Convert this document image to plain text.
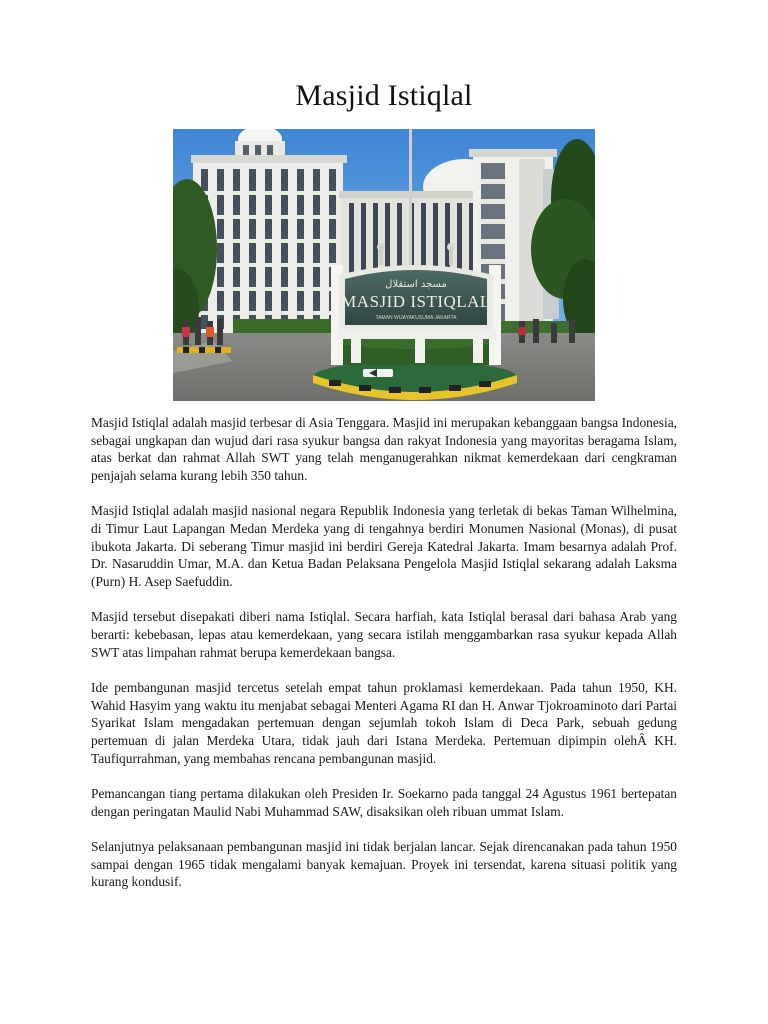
Masjid Istiqlal
مسجد استقلال
MASJID ISTIQLAL
TAMAN WIJAYAKUSUMA JAKARTA

Masjid Istiqlal adalah masjid terbesar di Asia Tenggara. Masjid ini merupakan kebanggaan bangsa Indonesia, sebagai ungkapan dan wujud dari rasa syukur bangsa dan rakyat Indonesia yang mayoritas beragama Islam, atas berkat dan rahmat Allah SWT yang telah menganugerahkan nikmat kemerdekaan dari cengkraman penjajah selama kurang lebih 350 tahun.

Masjid Istiqlal adalah masjid nasional negara Republik Indonesia yang terletak di bekas Taman Wilhelmina, di Timur Laut Lapangan Medan Merdeka yang di tengahnya berdiri Monumen Nasional (Monas), di pusat ibukota Jakarta. Di seberang Timur masjid ini berdiri Gereja Katedral Jakarta. Imam besarnya adalah Prof. Dr. Nasaruddin Umar, M.A. dan Ketua Badan Pelaksana Pengelola Masjid Istiqlal sekarang adalah Laksma (Purn) H. Asep Saefuddin.

Masjid tersebut disepakati diberi nama Istiqlal. Secara harfiah, kata Istiqlal berasal dari bahasa Arab yang berarti: kebebasan, lepas atau kemerdekaan, yang secara istilah menggambarkan rasa syukur kepada Allah SWT atas limpahan rahmat berupa kemerdekaan bangsa.

Ide pembangunan masjid tercetus setelah empat tahun proklamasi kemerdekaan. Pada tahun 1950, KH. Wahid Hasyim yang waktu itu menjabat sebagai Menteri Agama RI dan H. Anwar Tjokroaminoto dari Partai Syarikat Islam mengadakan pertemuan dengan sejumlah tokoh Islam di Deca Park, sebuah gedung pertemuan di jalan Merdeka Utara, tidak jauh dari Istana Merdeka. Pertemuan dipimpin olehÂ KH. Taufiqurrahman, yang membahas rencana pembangunan masjid.

Pemancangan tiang pertama dilakukan oleh Presiden Ir. Soekarno pada tanggal 24 Agustus 1961 bertepatan dengan peringatan Maulid Nabi Muhammad SAW, disaksikan oleh ribuan ummat Islam.

Selanjutnya pelaksanaan pembangunan masjid ini tidak berjalan lancar. Sejak direncanakan pada tahun 1950 sampai dengan 1965 tidak mengalami banyak kemajuan. Proyek ini tersendat, karena situasi politik yang kurang kondusif.
